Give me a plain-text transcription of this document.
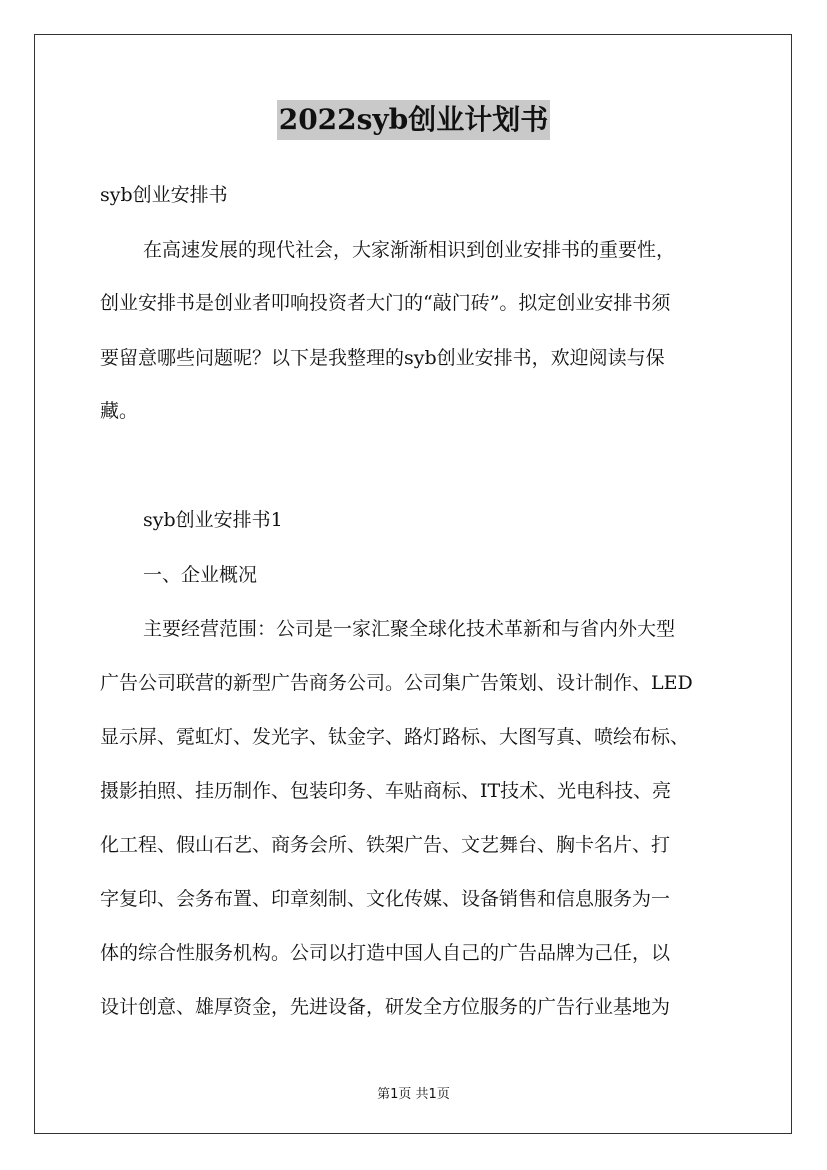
2022syb创业计划书
syb创业安排书
在高速发展的现代社会，大家渐渐相识到创业安排书的重要性，
创业安排书是创业者叩响投资者大门的“敲门砖”。拟定创业安排书须
要留意哪些问题呢？以下是我整理的syb创业安排书，欢迎阅读与保
藏。
syb创业安排书1
一、企业概况
主要经营范围：公司是一家汇聚全球化技术革新和与省内外大型
广告公司联营的新型广告商务公司。公司集广告策划、设计制作、LED
显示屏、霓虹灯、发光字、钛金字、路灯路标、大图写真、喷绘布标、
摄影拍照、挂历制作、包装印务、车贴商标、IT技术、光电科技、亮
化工程、假山石艺、商务会所、铁架广告、文艺舞台、胸卡名片、打
字复印、会务布置、印章刻制、文化传媒、设备销售和信息服务为一
体的综合性服务机构。公司以打造中国人自己的广告品牌为己任，以
设计创意、雄厚资金，先进设备，研发全方位服务的广告行业基地为
第1页 共1页
